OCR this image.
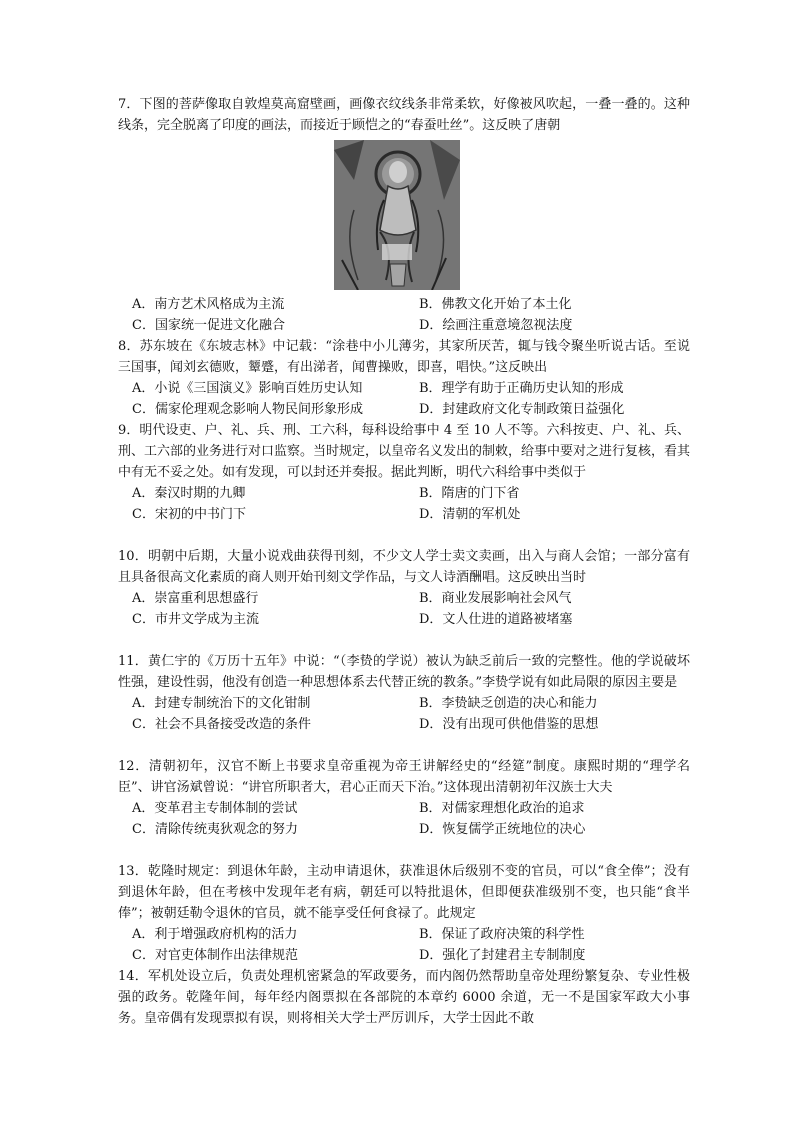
7．下图的菩萨像取自敦煌莫高窟壁画，画像衣纹线条非常柔软，好像被风吹起，一叠一叠的。这种线条，完全脱离了印度的画法，而接近于顾恺之的“春蚕吐丝”。这反映了唐朝

A．南方艺术风格成为主流	B．佛教文化开始了本土化
C．国家统一促进文化融合	D．绘画注重意境忽视法度

8．苏东坡在《东坡志林》中记载：“涂巷中小儿薄劣，其家所厌苦，辄与钱令聚坐听说古话。至说三国事，闻刘玄德败，颦蹙，有出涕者，闻曹操败，即喜，唱快。”这反映出

A．小说《三国演义》影响百姓历史认知	B．理学有助于正确历史认知的形成
C．儒家伦理观念影响人物民间形象形成	D．封建政府文化专制政策日益强化

9．明代设吏、户、礼、兵、刑、工六科，每科设给事中 4 至 10 人不等。六科按吏、户、礼、兵、刑、工六部的业务进行对口监察。当时规定，以皇帝名义发出的制敕，给事中要对之进行复核，看其中有无不妥之处。如有发现，可以封还并奏报。据此判断，明代六科给事中类似于

A．秦汉时期的九卿	B．隋唐的门下省
C．宋初的中书门下	D．清朝的军机处

10．明朝中后期，大量小说戏曲获得刊刻，不少文人学士卖文卖画，出入与商人会馆；一部分富有且具备很高文化素质的商人则开始刊刻文学作品，与文人诗酒酬唱。这反映出当时

A．崇富重利思想盛行	B．商业发展影响社会风气
C．市井文学成为主流	D．文人仕进的道路被堵塞

11．黄仁宇的《万历十五年》中说：“（李贽的学说）被认为缺乏前后一致的完整性。他的学说破坏性强，建设性弱，他没有创造一种思想体系去代替正统的教条。”李贽学说有如此局限的原因主要是

A．封建专制统治下的文化钳制	B．李贽缺乏创造的决心和能力
C．社会不具备接受改造的条件	D．没有出现可供他借鉴的思想

12．清朝初年，汉官不断上书要求皇帝重视为帝王讲解经史的“经筵”制度。康熙时期的“理学名臣”、讲官汤斌曾说：“讲官所职者大，君心正而天下治。”这体现出清朝初年汉族士大夫

A．变革君主专制体制的尝试	B．对儒家理想化政治的追求
C．清除传统夷狄观念的努力	D．恢复儒学正统地位的决心

13．乾隆时规定：到退休年龄，主动申请退休，获准退休后级别不变的官员，可以“食全俸”；没有到退休年龄，但在考核中发现年老有病，朝廷可以特批退休，但即便获准级别不变，也只能“食半俸”；被朝廷勒令退休的官员，就不能享受任何食禄了。此规定

A．利于增强政府机构的活力	B．保证了政府决策的科学性
C．对官吏体制作出法律规范	D．强化了封建君主专制制度

14．军机处设立后，负责处理机密紧急的军政要务，而内阁仍然帮助皇帝处理纷繁复杂、专业性极强的政务。乾隆年间，每年经内阁票拟在各部院的本章约 6000 余道，无一不是国家军政大小事务。皇帝偶有发现票拟有误，则将相关大学士严厉训斥，大学士因此不敢
